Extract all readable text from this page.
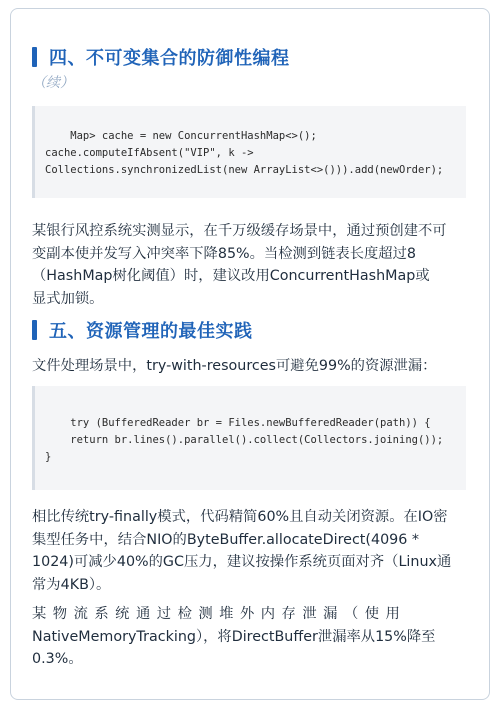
四、不可变集合的防御性编程
（续）
Map> cache = new ConcurrentHashMap<>();
cache.computeIfAbsent("VIP", k ->
Collections.synchronizedList(new ArrayList<>())).add(newOrder);
某银行风控系统实测显示，在千万级缓存场景中，通过预创建不可
变副本使并发写入冲突率下降85%。当检测到链表长度超过8
（HashMap树化阈值）时，建议改用ConcurrentHashMap或
显式加锁。
五、资源管理的最佳实践
文件处理场景中，try-with-resources可避免99%的资源泄漏：
try (BufferedReader br = Files.newBufferedReader(path)) {
return br.lines().parallel().collect(Collectors.joining());
}
相比传统try-finally模式，代码精简60%且自动关闭资源。在IO密
集型任务中，结合NIO的ByteBuffer.allocateDirect(4096 *
1024)可减少40%的GC压力，建议按操作系统页面对齐（Linux通
常为4KB）。
某物流系统通过检测堆外内存泄漏（使用
NativeMemoryTracking），将DirectBuffer泄漏率从15%降至
0.3%。
